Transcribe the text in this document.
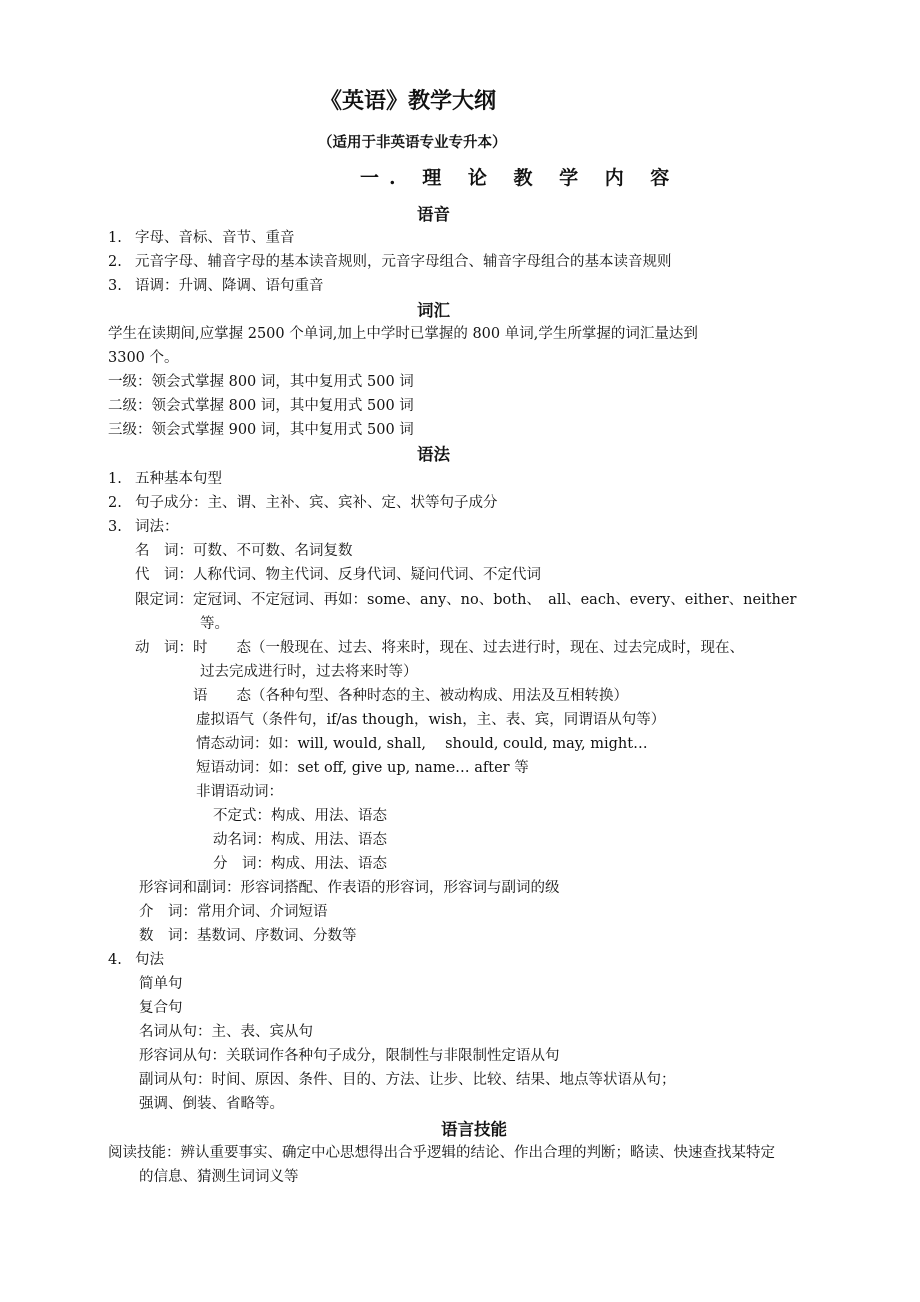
《英语》教学大纲
（适用于非英语专业专升本）
一. 理 论 教 学 内 容
语音
1. 字母、音标、音节、重音
2. 元音字母、辅音字母的基本读音规则，元音字母组合、辅音字母组合的基本读音规则
3. 语调：升调、降调、语句重音
词汇
学生在读期间,应掌握 2500 个单词,加上中学时已掌握的 800 单词,学生所掌握的词汇量达到
3300 个。
一级：领会式掌握 800 词，其中复用式 500 词
二级：领会式掌握 800 词，其中复用式 500 词
三级：领会式掌握 900 词，其中复用式 500 词
语法
1. 五种基本句型
2. 句子成分：主、谓、主补、宾、宾补、定、状等句子成分
3. 词法：
名　词：可数、不可数、名词复数
代　词：人称代词、物主代词、反身代词、疑问代词、不定代词
限定词：定冠词、不定冠词、再如：some、any、no、both、　all、each、every、either、neither
等。
动　词：时　　态（一般现在、过去、将来时，现在、过去进行时，现在、过去完成时，现在、
过去完成进行时，过去将来时等）
语　　态（各种句型、各种时态的主、被动构成、用法及互相转换）
虚拟语气（条件句，if/as though，wish，主、表、宾，同谓语从句等）
情态动词：如：will, would, shall,　 should, could, may, might…
短语动词：如：set off, give up, name… after 等
非谓语动词：
不定式：构成、用法、语态
动名词：构成、用法、语态
分　词：构成、用法、语态
形容词和副词：形容词搭配、作表语的形容词，形容词与副词的级
介　词：常用介词、介词短语
数　词：基数词、序数词、分数等
4. 句法
简单句
复合句
名词从句：主、表、宾从句
形容词从句：关联词作各种句子成分，限制性与非限制性定语从句
副词从句：时间、原因、条件、目的、方法、让步、比较、结果、地点等状语从句；
强调、倒装、省略等。
语言技能
阅读技能：辨认重要事实、确定中心思想得出合乎逻辑的结论、作出合理的判断；略读、快速查找某特定
的信息、猜测生词词义等
